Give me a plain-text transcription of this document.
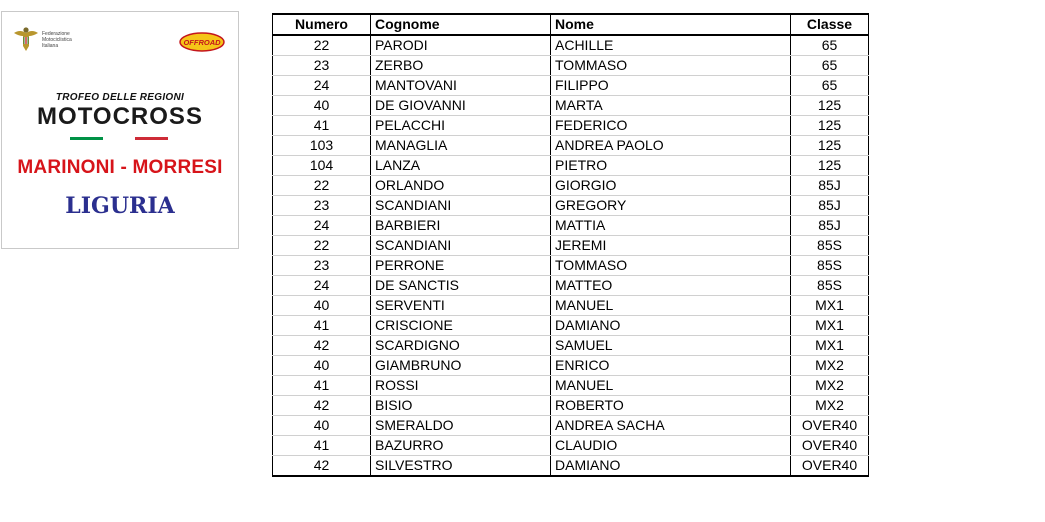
Federazione
Motociclistica
Italiana	OFFROAD
TROFEO DELLE REGIONI
MOTOCROSS
MARINONI - MORRESI
LIGURIA
Numero	Cognome	Nome	Classe
22	PARODI	ACHILLE	65
23	ZERBO	TOMMASO	65
24	MANTOVANI	FILIPPO	65
40	DE GIOVANNI	MARTA	125
41	PELACCHI	FEDERICO	125
103	MANAGLIA	ANDREA PAOLO	125
104	LANZA	PIETRO	125
22	ORLANDO	GIORGIO	85J
23	SCANDIANI	GREGORY	85J
24	BARBIERI	MATTIA	85J
22	SCANDIANI	JEREMI	85S
23	PERRONE	TOMMASO	85S
24	DE SANCTIS	MATTEO	85S
40	SERVENTI	MANUEL	MX1
41	CRISCIONE	DAMIANO	MX1
42	SCARDIGNO	SAMUEL	MX1
40	GIAMBRUNO	ENRICO	MX2
41	ROSSI	MANUEL	MX2
42	BISIO	ROBERTO	MX2
40	SMERALDO	ANDREA SACHA	OVER40
41	BAZURRO	CLAUDIO	OVER40
42	SILVESTRO	DAMIANO	OVER40
